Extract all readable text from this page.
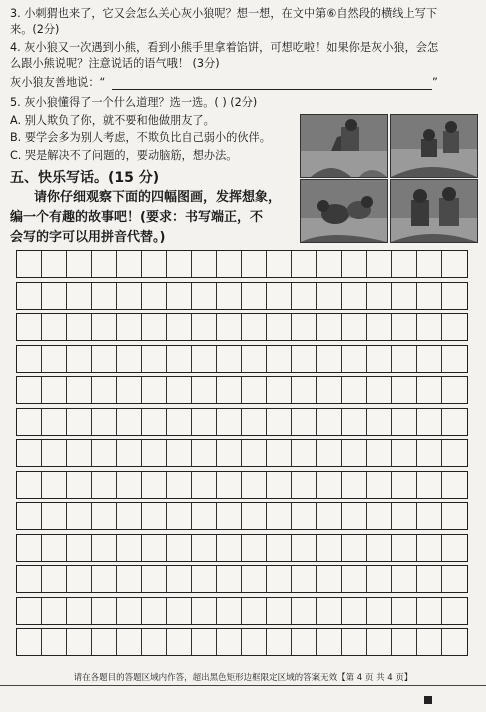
3. 小刺猬也来了，它又会怎么关心灰小狼呢？想一想，在文中第⑥自然段的横线上写下
来。(2分)
4. 灰小狼又一次遇到小熊，看到小熊手里拿着馅饼，可想吃啦！如果你是灰小狼，会怎
么跟小熊说呢？注意说话的语气哦！ (3分)
灰小狼友善地说：“	”
5. 灰小狼懂得了一个什么道理？选一选。( ) (2分)
A. 别人欺负了你，就不要和他做朋友了。
B. 要学会多为别人考虑，不欺负比自己弱小的伙伴。
C. 哭是解决不了问题的，要动脑筋，想办法。
五、快乐写话。(15 分)
请你仔细观察下面的四幅图画，发挥想象，
编一个有趣的故事吧！(要求：书写端正，不
会写的字可以用拼音代替。)
请在各题目的答题区域内作答，超出黑色矩形边框限定区域的答案无效【第 4 页 共 4 页】
